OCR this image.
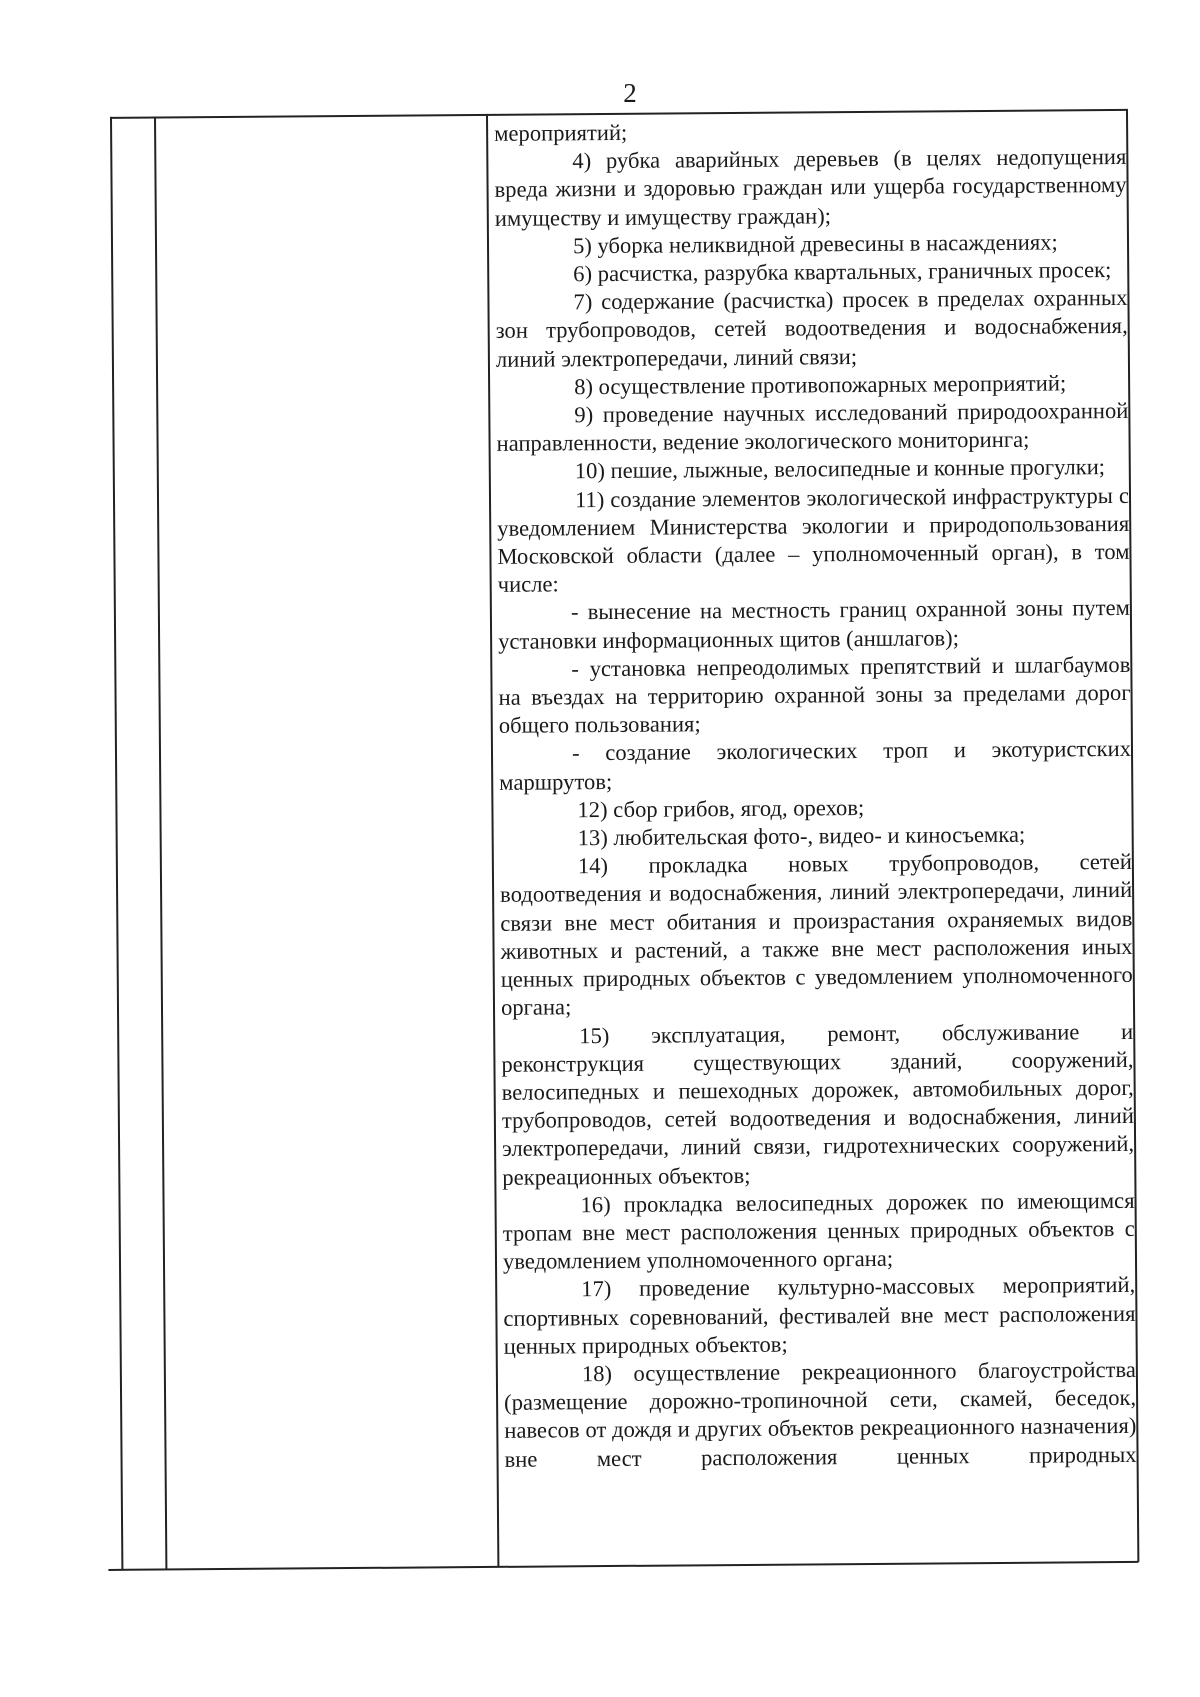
2

мероприятий;

4) рубка аварийных деревьев (в целях недопущения вреда жизни и здоровью граждан или ущерба государственному имуществу и имуществу граждан);

5) уборка неликвидной древесины в насаждениях;

6) расчистка, разрубка квартальных, граничных просек;

7) содержание (расчистка) просек в пределах охранных зон трубопроводов, сетей водоотведения и водоснабжения, линий электропередачи, линий связи;

8) осуществление противопожарных мероприятий;

9) проведение научных исследований природоохранной направленности, ведение экологического мониторинга;

10) пешие, лыжные, велосипедные и конные прогулки;

11) создание элементов экологической инфраструктуры с уведомлением Министерства экологии и природопользования Московской области (далее – уполномоченный орган), в том числе:

- вынесение на местность границ охранной зоны путем установки информационных щитов (аншлагов);

- установка непреодолимых препятствий и шлагбаумов на въездах на территорию охранной зоны за пределами дорог общего пользования;

- создание экологических троп и экотуристских маршрутов;

12) сбор грибов, ягод, орехов;

13) любительская фото-, видео- и киносъемка;

14) прокладка новых трубопроводов, сетей водоотведения и водоснабжения, линий электропередачи, линий связи вне мест обитания и произрастания охраняемых видов животных и растений, а также вне мест расположения иных ценных природных объектов с уведомлением уполномоченного органа;

15) эксплуатация, ремонт, обслуживание и реконструкция существующих зданий, сооружений, велосипедных и пешеходных дорожек, автомобильных дорог, трубопроводов, сетей водоотведения и водоснабжения, линий электропередачи, линий связи, гидротехнических сооружений, рекреационных объектов;

16) прокладка велосипедных дорожек по имеющимся тропам вне мест расположения ценных природных объектов с уведомлением уполномоченного органа;

17) проведение культурно-массовых мероприятий, спортивных соревнований, фестивалей вне мест расположения ценных природных объектов;

18) осуществление рекреационного благоустройства (размещение дорожно-тропиночной сети, скамей, беседок, навесов от дождя и других объектов рекреационного назначения) вне мест расположения ценных природных
